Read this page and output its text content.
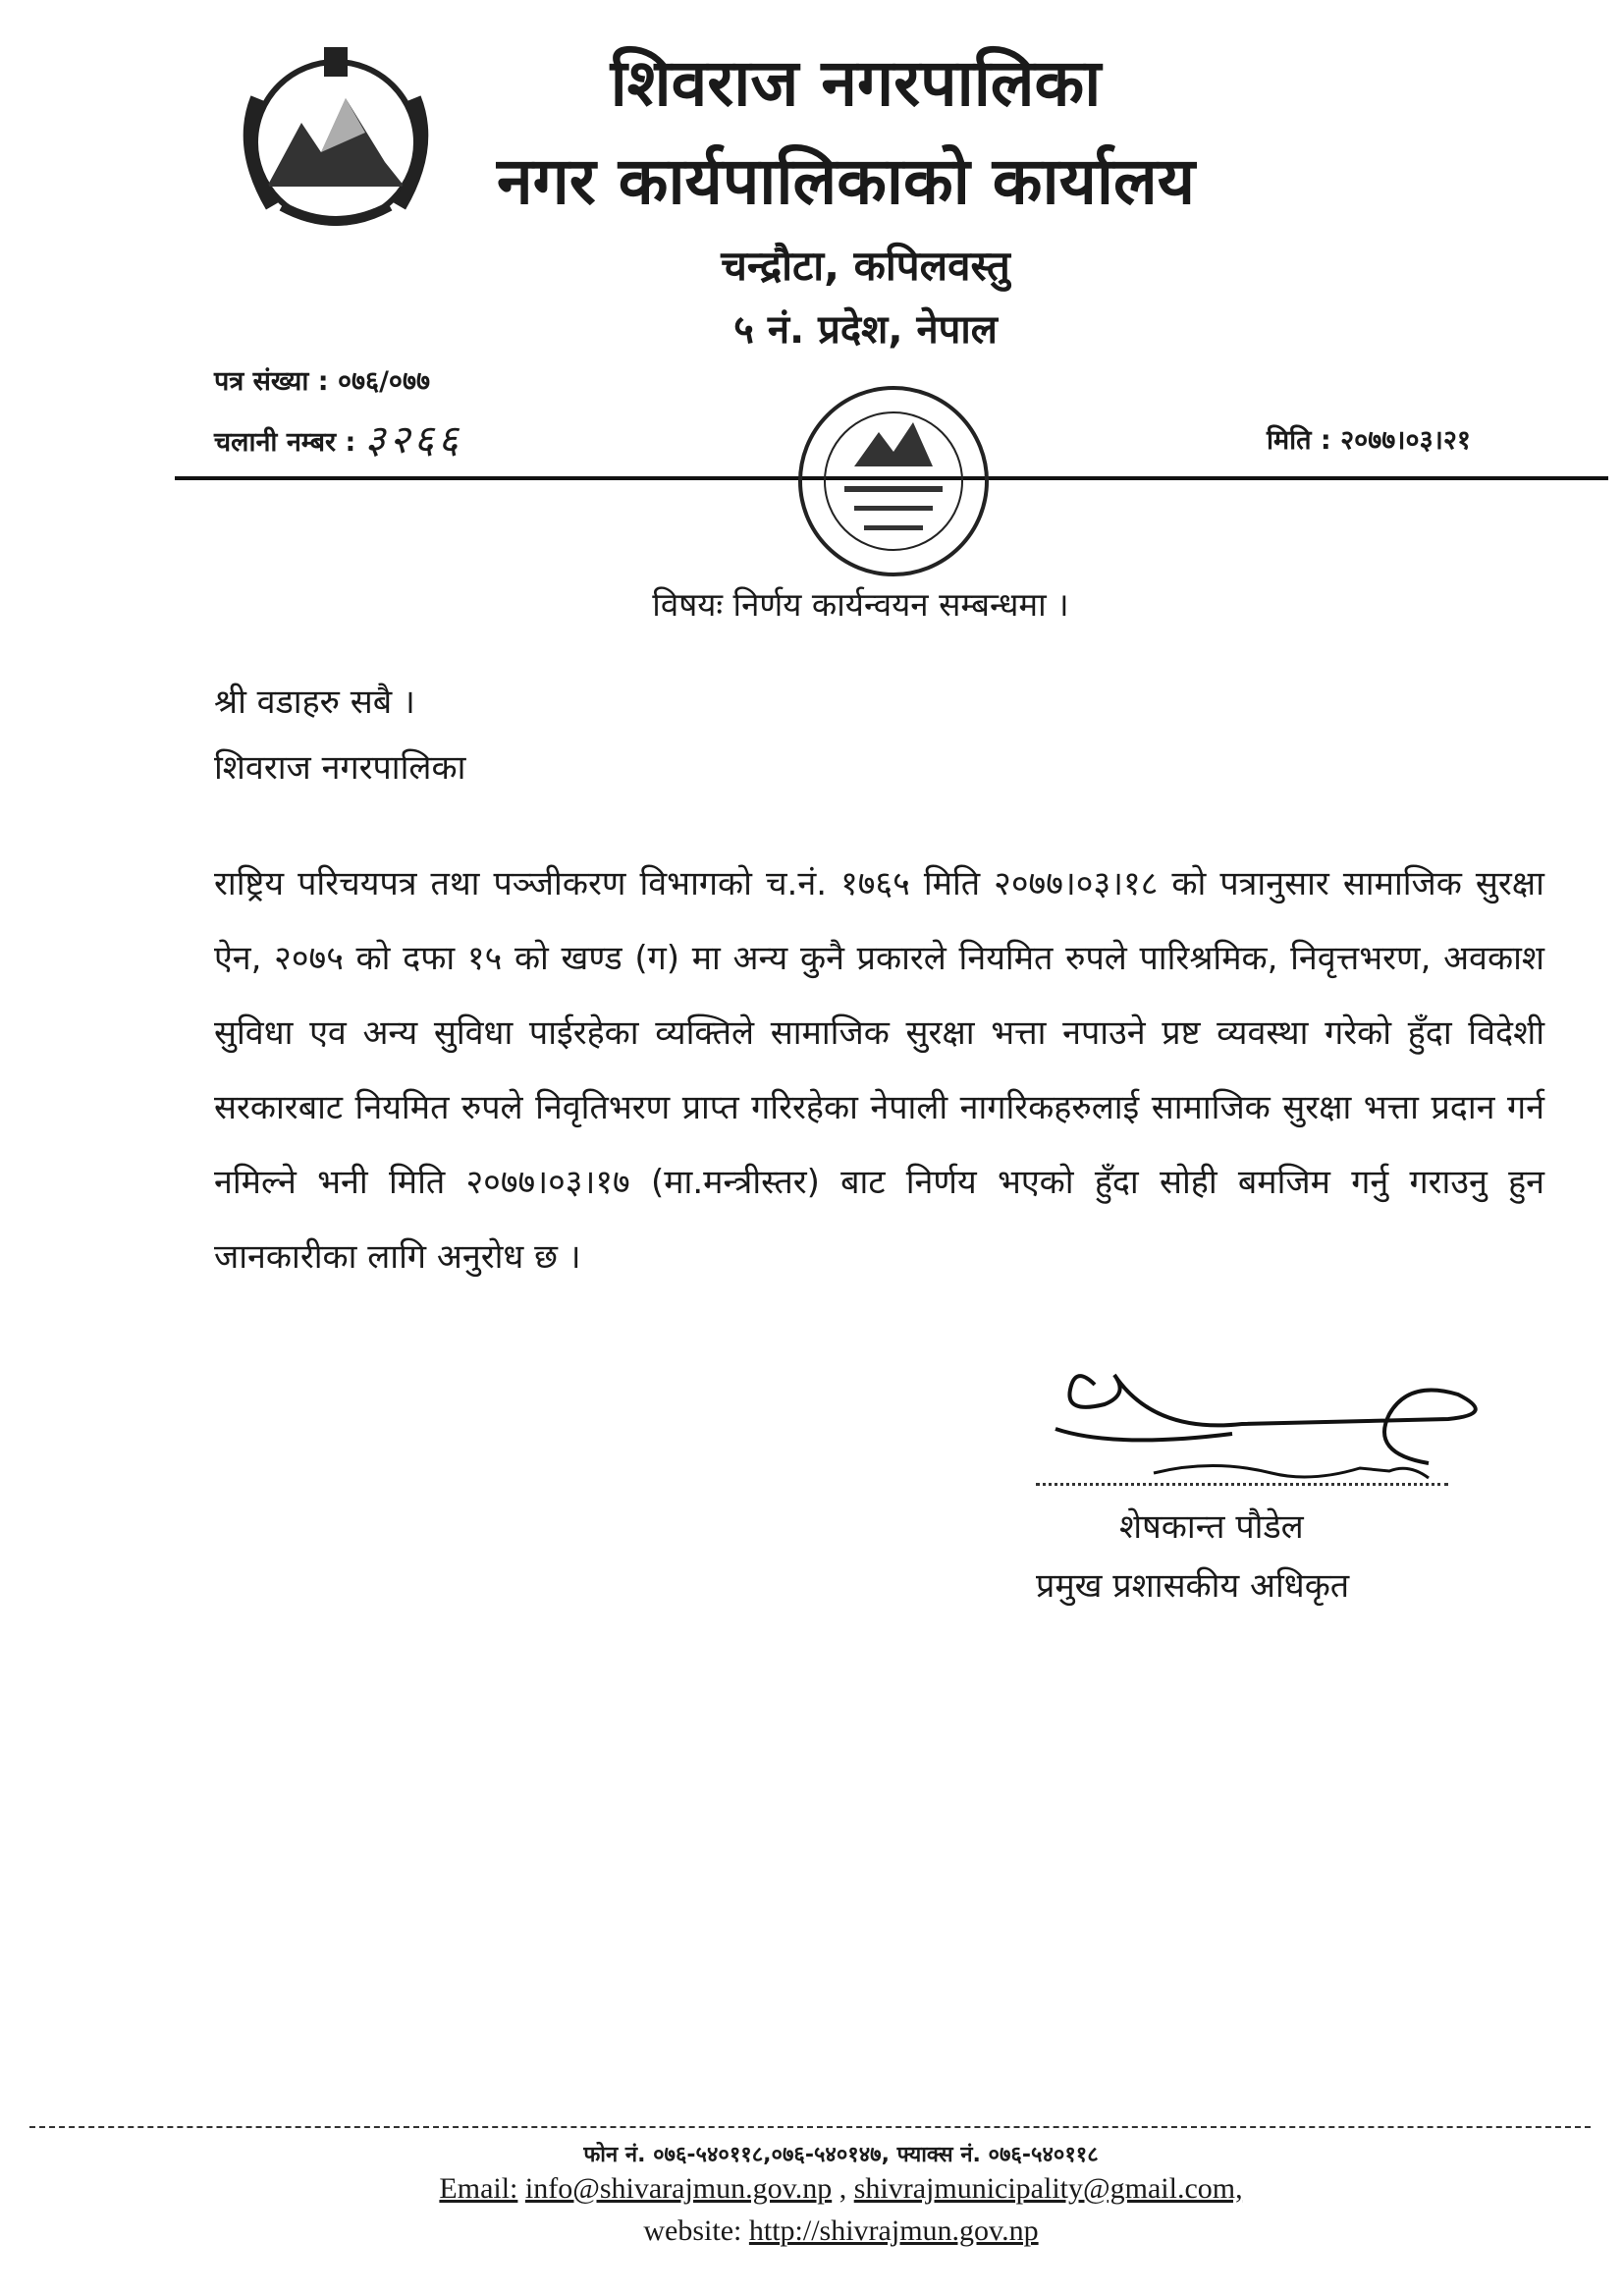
शिवराज नगरपालिका
नगर कार्यपालिकाको कार्यालय
चन्द्रौटा, कपिलवस्तु
५ नं. प्रदेश, नेपाल
पत्र संख्या : ०७६/०७७
चलानी नम्बर : ३२६६	मिति : २०७७।०३।२१
विषयः निर्णय कार्यन्वयन सम्बन्धमा ।
श्री वडाहरु सबै ।
शिवराज नगरपालिका
राष्ट्रिय परिचयपत्र तथा पञ्जीकरण विभागको च.नं. १७६५ मिति २०७७।०३।१८ को पत्रानुसार सामाजिक सुरक्षा ऐन, २०७५ को दफा १५ को खण्ड (ग) मा अन्य कुनै प्रकारले नियमित रुपले पारिश्रमिक, निवृत्तभरण, अवकाश सुविधा एव अन्य सुविधा पाईरहेका व्यक्तिले सामाजिक सुरक्षा भत्ता नपाउने प्रष्ट व्यवस्था गरेको हुँदा विदेशी सरकारबाट नियमित रुपले निवृतिभरण प्राप्त गरिरहेका नेपाली नागरिकहरुलाई सामाजिक सुरक्षा भत्ता प्रदान गर्न नमिल्ने भनी मिति २०७७।०३।१७ (मा.मन्त्रीस्तर) बाट निर्णय भएको हुँदा सोही बमजिम गर्नु गराउनु हुन जानकारीका लागि अनुरोध छ ।
शेषकान्त पौडेल
प्रमुख प्रशासकीय अधिकृत
फोन नं. ०७६-५४०११८,०७६-५४०१४७, फ्याक्स नं. ०७६-५४०११८
Email: info@shivarajmun.gov.np , shivrajmunicipality@gmail.com,
website: http://shivrajmun.gov.np
